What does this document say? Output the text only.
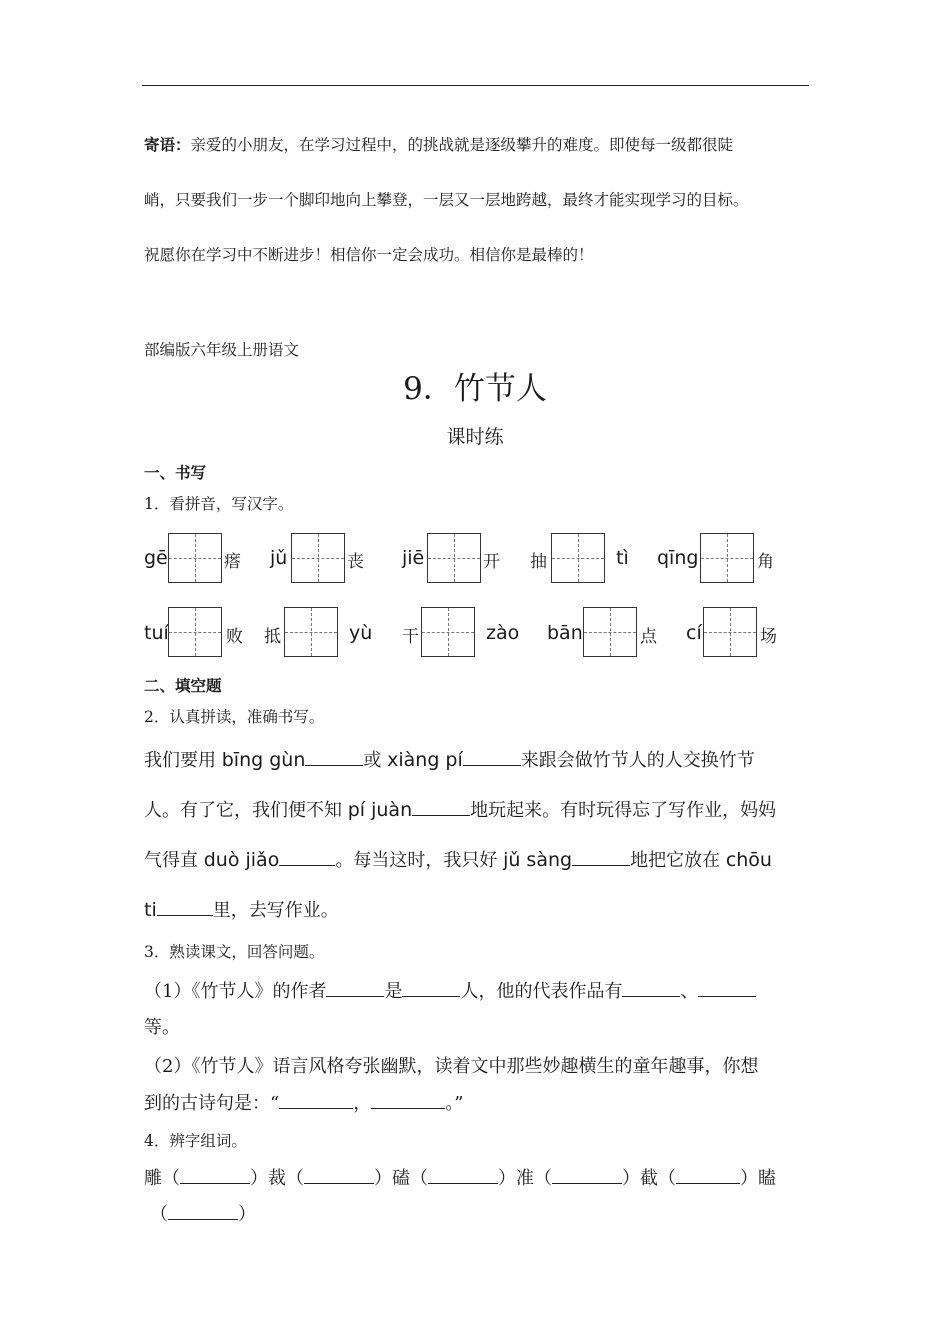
寄语：亲爱的小朋友，在学习过程中，的挑战就是逐级攀升的难度。即使每一级都很陡
峭，只要我们一步一个脚印地向上攀登，一层又一层地跨越，最终才能实现学习的目标。
祝愿你在学习中不断进步！相信你一定会成功。相信你是最棒的！
部编版六年级上册语文
9．竹节人
课时练
一、书写
1．看拼音，写汉字。
gē	瘩 jǔ	丧 jiē	开 抽	tì qīng	角
tuí	败 抵	yù 干	zào bān	点 cí	场
二、填空题
2．认真拼读，准确书写。
我们要用 bīng gùn	或 xiàng pí	来跟会做竹节人的人交换竹节
人。有了它，我们便不知 pí juàn	地玩起来。有时玩得忘了写作业，妈妈
气得直 duò jiǎo	。每当这时，我只好 jǔ sàng	地把它放在 chōu
ti	里，去写作业。
3．熟读课文，回答问题。
（1）《竹节人》的作者	是	人，他的代表作品有	、
等。
（2）《竹节人》语言风格夸张幽默，读着文中那些妙趣横生的童年趣事，你想
到的古诗句是：“	，	。”
4．辨字组词。
雕（	）裁（	）磕（	）准（	）截（	）瞌
（	）
